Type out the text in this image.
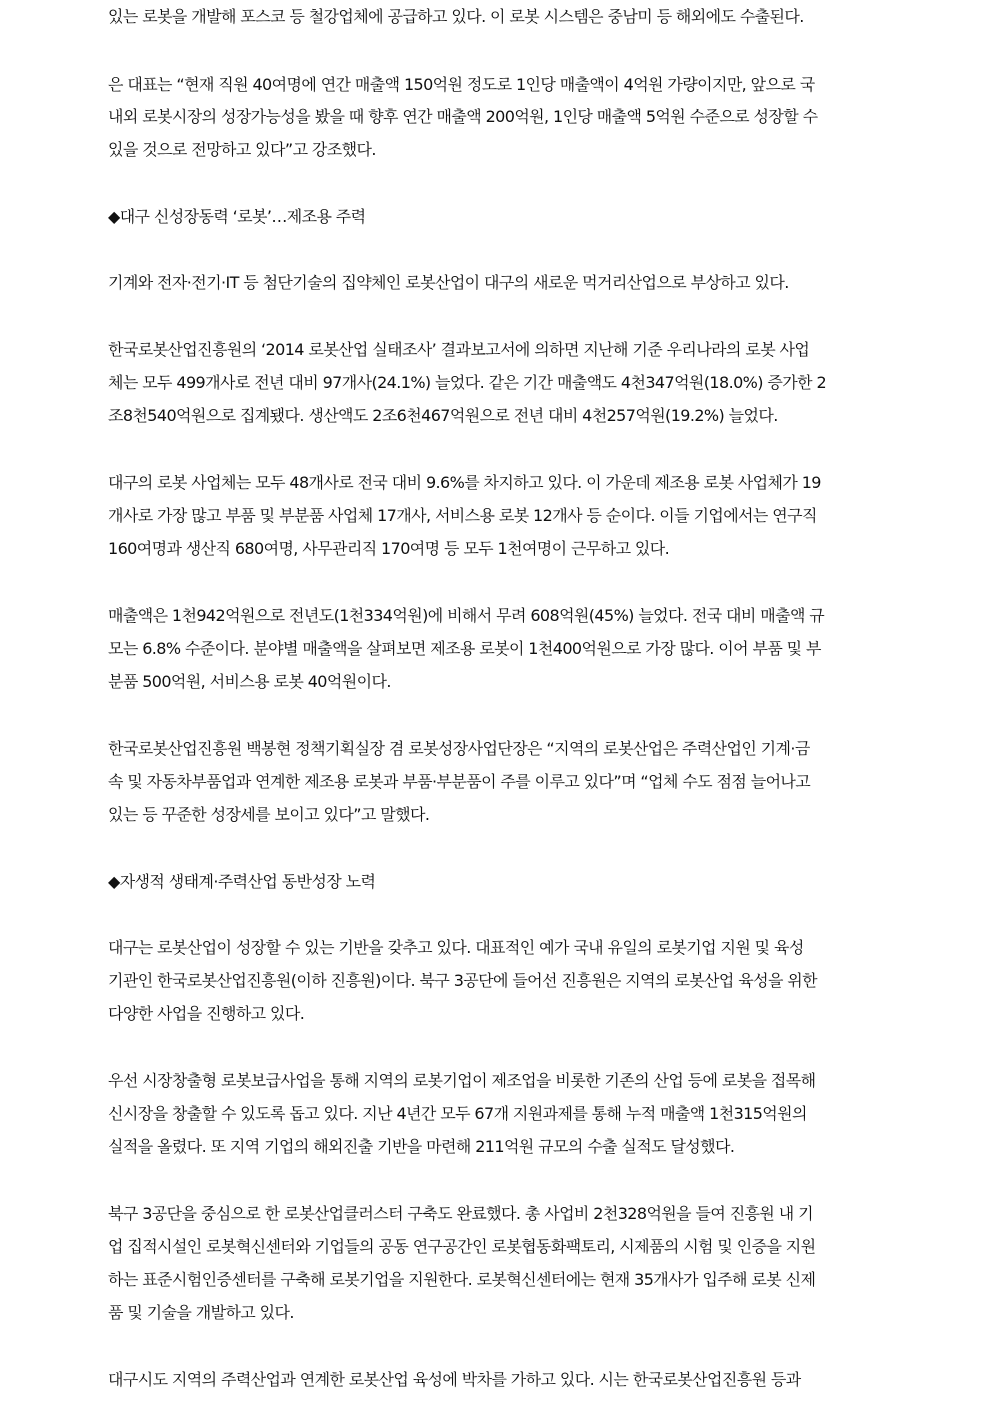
있는 로봇을 개발해 포스코 등 철강업체에 공급하고 있다. 이 로봇 시스템은 중남미 등 해외에도 수출된다.
은 대표는 “현재 직원 40여명에 연간 매출액 150억원 정도로 1인당 매출액이 4억원 가량이지만, 앞으로 국
내외 로봇시장의 성장가능성을 봤을 때 향후 연간 매출액 200억원, 1인당 매출액 5억원 수준으로 성장할 수
있을 것으로 전망하고 있다”고 강조했다.
◆대구 신성장동력 ‘로봇’…제조용 주력
기계와 전자·전기·IT 등 첨단기술의 집약체인 로봇산업이 대구의 새로운 먹거리산업으로 부상하고 있다.
한국로봇산업진흥원의 ‘2014 로봇산업 실태조사’ 결과보고서에 의하면 지난해 기준 우리나라의 로봇 사업
체는 모두 499개사로 전년 대비 97개사(24.1%) 늘었다. 같은 기간 매출액도 4천347억원(18.0%) 증가한 2
조8천540억원으로 집계됐다. 생산액도 2조6천467억원으로 전년 대비 4천257억원(19.2%) 늘었다.
대구의 로봇 사업체는 모두 48개사로 전국 대비 9.6%를 차지하고 있다. 이 가운데 제조용 로봇 사업체가 19
개사로 가장 많고 부품 및 부분품 사업체 17개사, 서비스용 로봇 12개사 등 순이다. 이들 기업에서는 연구직
160여명과 생산직 680여명, 사무관리직 170여명 등 모두 1천여명이 근무하고 있다.
매출액은 1천942억원으로 전년도(1천334억원)에 비해서 무려 608억원(45%) 늘었다. 전국 대비 매출액 규
모는 6.8% 수준이다. 분야별 매출액을 살펴보면 제조용 로봇이 1천400억원으로 가장 많다. 이어 부품 및 부
분품 500억원, 서비스용 로봇 40억원이다.
한국로봇산업진흥원 백봉현 정책기획실장 겸 로봇성장사업단장은 “지역의 로봇산업은 주력산업인 기계·금
속 및 자동차부품업과 연계한 제조용 로봇과 부품·부분품이 주를 이루고 있다”며 “업체 수도 점점 늘어나고
있는 등 꾸준한 성장세를 보이고 있다”고 말했다.
◆자생적 생태계·주력산업 동반성장 노력
대구는 로봇산업이 성장할 수 있는 기반을 갖추고 있다. 대표적인 예가 국내 유일의 로봇기업 지원 및 육성
기관인 한국로봇산업진흥원(이하 진흥원)이다. 북구 3공단에 들어선 진흥원은 지역의 로봇산업 육성을 위한
다양한 사업을 진행하고 있다.
우선 시장창출형 로봇보급사업을 통해 지역의 로봇기업이 제조업을 비롯한 기존의 산업 등에 로봇을 접목해
신시장을 창출할 수 있도록 돕고 있다. 지난 4년간 모두 67개 지원과제를 통해 누적 매출액 1천315억원의
실적을 올렸다. 또 지역 기업의 해외진출 기반을 마련해 211억원 규모의 수출 실적도 달성했다.
북구 3공단을 중심으로 한 로봇산업클러스터 구축도 완료했다. 총 사업비 2천328억원을 들여 진흥원 내 기
업 집적시설인 로봇혁신센터와 기업들의 공동 연구공간인 로봇협동화팩토리, 시제품의 시험 및 인증을 지원
하는 표준시험인증센터를 구축해 로봇기업을 지원한다. 로봇혁신센터에는 현재 35개사가 입주해 로봇 신제
품 및 기술을 개발하고 있다.
대구시도 지역의 주력산업과 연계한 로봇산업 육성에 박차를 가하고 있다. 시는 한국로봇산업진흥원 등과
